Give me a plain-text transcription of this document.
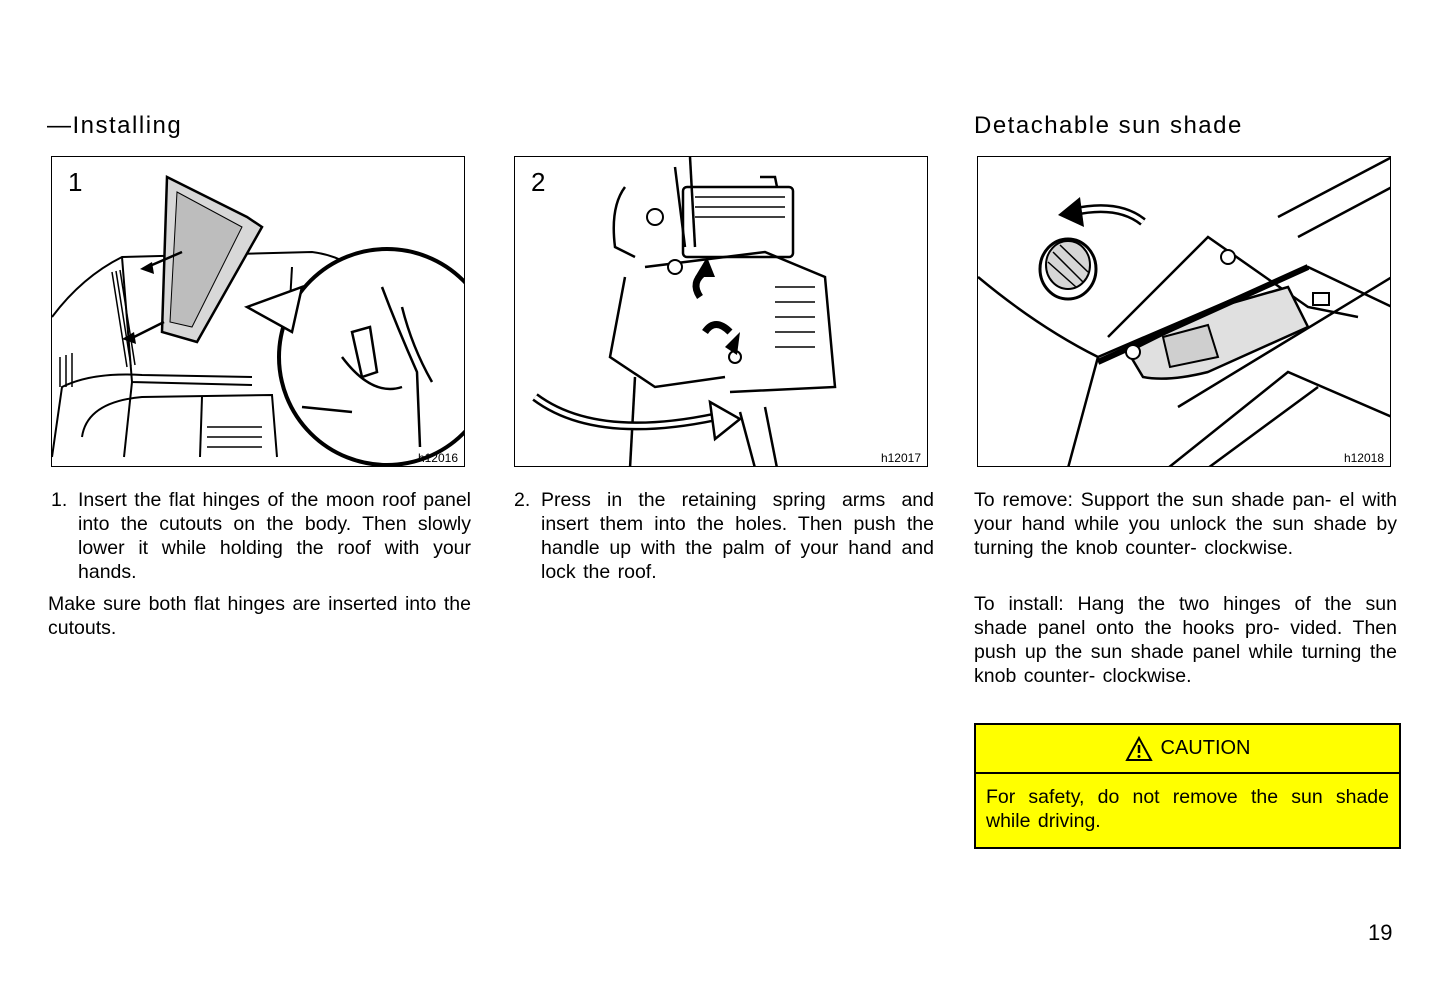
—Installing	Detachable sun shade
1
h12016
2
h12017	h12018
1. Insert the flat hinges of the moon roof panel into the cutouts on the body. Then slowly lower it while holding the roof with your hands.

Make sure both flat hinges are inserted into the cutouts.

2. Press in the retaining spring arms and insert them into the holes. Then push the handle up with the palm of your hand and lock the roof.

To remove: Support the sun shade pan- el with your hand while you unlock the sun shade by turning the knob counter- clockwise.

To install: Hang the two hinges of the sun shade panel onto the hooks pro- vided. Then push up the sun shade panel while turning the knob counter- clockwise.

CAUTION
For safety, do not remove the sun shade while driving.
19
